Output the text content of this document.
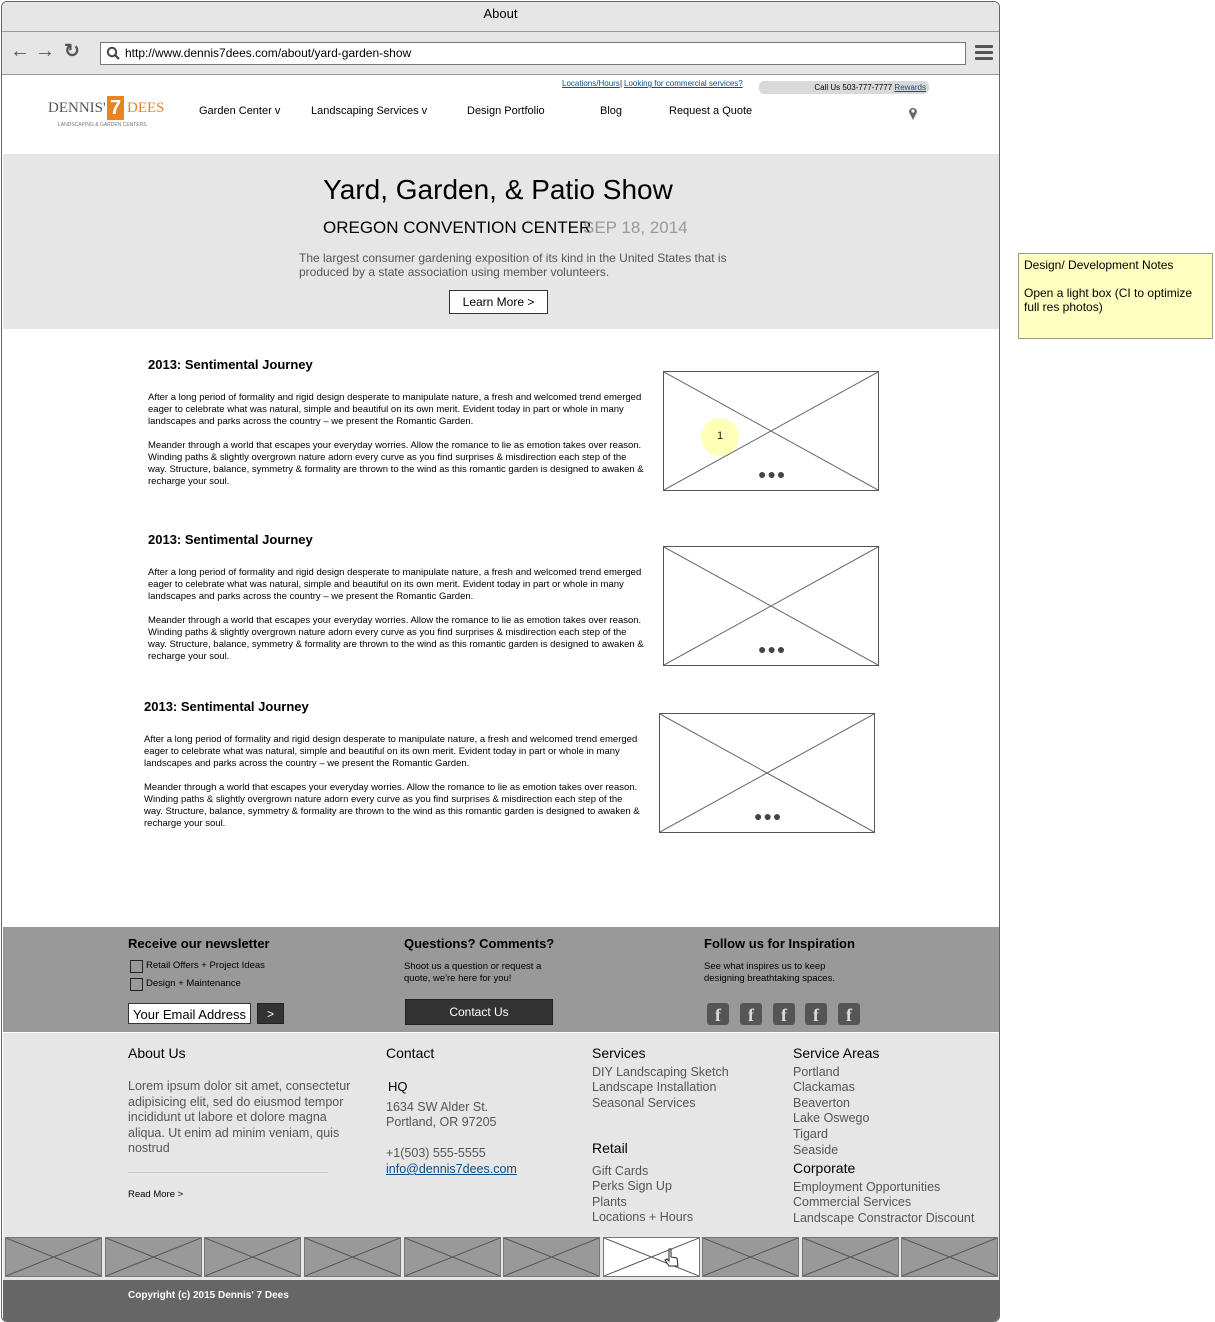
About
← → ↻	http://www.dennis7dees.com/about/yard-garden-show
DENNIS' 7 DEES
LANDSCAPING & GARDEN CENTERS
Locations/Hours | Looking for commercial services?	Call Us 503-777-7777 Rewards
Garden Center v	Landscaping Services v	Design Portfolio	Blog	Request a Quote
Yard, Garden, & Patio Show
OREGON CONVENTION CENTER
SEP 18, 2014
The largest consumer gardening exposition of its kind in the United States that is produced by a state association using member volunteers.
Learn More >
2013: Sentimental Journey
After a long period of formality and rigid design desperate to manipulate nature, a fresh and welcomed trend emerged eager to celebrate what was natural, simple and beautiful on its own merit. Evident today in part or whole in many landscapes and parks across the country – we present the Romantic Garden.
Meander through a world that escapes your everyday worries. Allow the romance to lie as emotion takes over reason. Winding paths & slightly overgrown nature adorn every curve as you find surprises & misdirection each step of the way. Structure, balance, symmetry & formality are thrown to the wind as this romantic garden is designed to awaken & recharge your soul.
1
●●●
2013: Sentimental Journey
After a long period of formality and rigid design desperate to manipulate nature, a fresh and welcomed trend emerged eager to celebrate what was natural, simple and beautiful on its own merit. Evident today in part or whole in many landscapes and parks across the country – we present the Romantic Garden.
Meander through a world that escapes your everyday worries. Allow the romance to lie as emotion takes over reason. Winding paths & slightly overgrown nature adorn every curve as you find surprises & misdirection each step of the way. Structure, balance, symmetry & formality are thrown to the wind as this romantic garden is designed to awaken & recharge your soul.	●●●
2013: Sentimental Journey
After a long period of formality and rigid design desperate to manipulate nature, a fresh and welcomed trend emerged eager to celebrate what was natural, simple and beautiful on its own merit. Evident today in part or whole in many landscapes and parks across the country – we present the Romantic Garden.
Meander through a world that escapes your everyday worries. Allow the romance to lie as emotion takes over reason. Winding paths & slightly overgrown nature adorn every curve as you find surprises & misdirection each step of the way. Structure, balance, symmetry & formality are thrown to the wind as this romantic garden is designed to awaken & recharge your soul.	●●●
Receive our newsletter
Retail Offers + Project Ideas
Design + Maintenance
Your Email Address	>
Questions? Comments?
Shoot us a question or request a quote, we're here for you!
Contact Us
Follow us for Inspiration
See what inspires us to keep designing breathtaking spaces.
f	f	f	f	f
About Us
Lorem ipsum dolor sit amet, consectetur adipisicing elit, sed do eiusmod tempor incididunt ut labore et dolore magna aliqua. Ut enim ad minim veniam, quis nostrud
Read More >
Contact
HQ
1634 SW Alder St.
Portland, OR 97205
+1(503) 555-5555
info@dennis7dees.com
Services
DIY Landscaping Sketch
Landscape Installation
Seasonal Services
Retail
Gift Cards
Perks Sign Up
Plants
Locations + Hours
Service Areas
Portland
Clackamas
Beaverton
Lake Oswego
Tigard
Seaside
Corporate
Employment Opportunities
Commercial Services
Landscape Constractor Discount
Copyright (c) 2015 Dennis' 7 Dees
Design/ Development Notes
Open a light box (CI to optimize full res photos)
